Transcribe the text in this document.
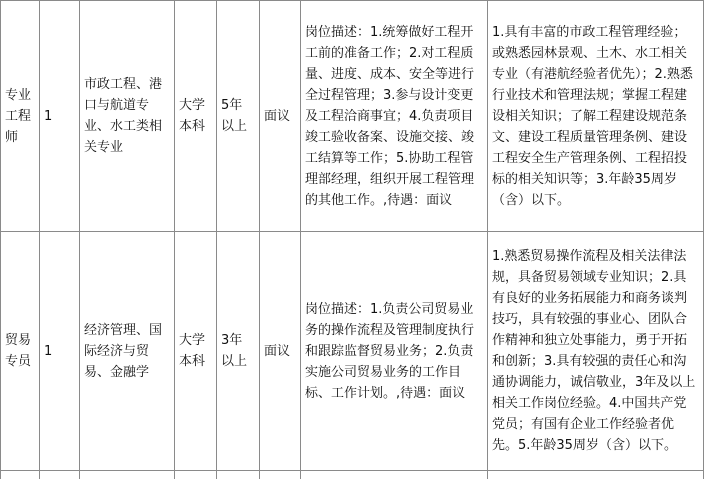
专业工程师	1	市政工程、港口与航道专业、水工类相关专业	大学本科	5年以上	面议	岗位描述：1.统筹做好工程开工前的准备工作；2.对工程质量、进度、成本、安全等进行全过程管理；3.参与设计变更及工程洽商事宜；4.负责项目竣工验收备案、设施交接、竣工结算等工作；5.协助工程管理部经理，组织开展工程管理的其他工作。,待遇：面议	1.具有丰富的市政工程管理经验；或熟悉园林景观、土木、水工相关专业（有港航经验者优先）；2.熟悉行业技术和管理法规；掌握工程建设相关知识；了解工程建设规范条文、建设工程质量管理条例、建设工程安全生产管理条例、工程招投标的相关知识等；3.年龄35周岁（含）以下。
贸易专员	1	经济管理、国际经济与贸易、金融学	大学本科	3年以上	面议	岗位描述：1.负责公司贸易业务的操作流程及管理制度执行和跟踪监督贸易业务；2.负责实施公司贸易业务的工作目标、工作计划。,待遇：面议	1.熟悉贸易操作流程及相关法律法规，具备贸易领域专业知识；2.具有良好的业务拓展能力和商务谈判技巧，具有较强的事业心、团队合作精神和独立处事能力，勇于开拓和创新；3.具有较强的责任心和沟通协调能力，诚信敬业，3年及以上相关工作岗位经验。4.中国共产党党员；有国有企业工作经验者优先。5.年龄35周岁（含）以下。
